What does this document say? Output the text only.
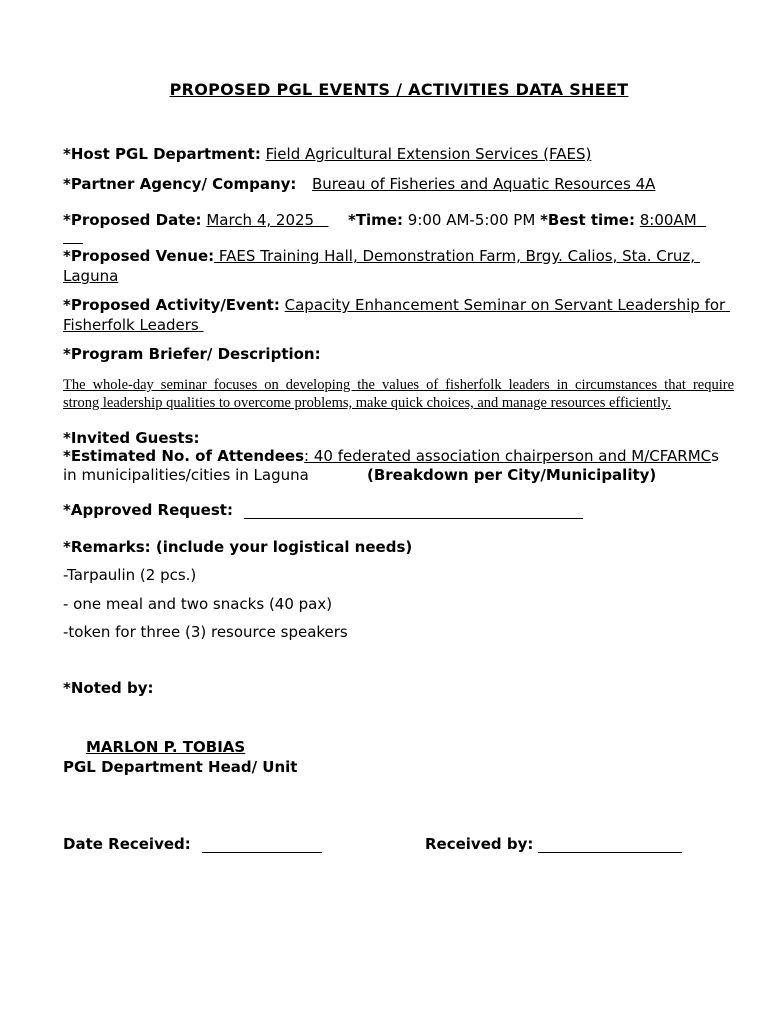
PROPOSED PGL EVENTS / ACTIVITIES DATA SHEET
*Host PGL Department: Field Agricultural Extension Services (FAES)
*Partner Agency/ Company: Bureau of Fisheries and Aquatic Resources 4A
*Proposed Date: March 4, 2025 *Time: 9:00 AM-5:00 PM *Best time: 8:00AM
*Proposed Venue: FAES Training Hall, Demonstration Farm, Brgy. Calios, Sta. Cruz,
Laguna
*Proposed Activity/Event: Capacity Enhancement Seminar on Servant Leadership for
Fisherfolk Leaders
*Program Briefer/ Description:
The whole-day seminar focuses on developing the values of fisherfolk leaders in circumstances that require
strong leadership qualities to overcome problems, make quick choices, and manage resources efficiently.
*Invited Guests:
*Estimated No. of Attendees: 40 federated association chairperson and M/CFARMCs
in municipalities/cities in Laguna	(Breakdown per City/Municipality)
*Approved Request:
*Remarks: (include your logistical needs)
-Tarpaulin (2 pcs.)
- one meal and two snacks (40 pax)
-token for three (3) resource speakers
*Noted by:
MARLON P. TOBIAS
PGL Department Head/ Unit
Date Received:	Received by:
